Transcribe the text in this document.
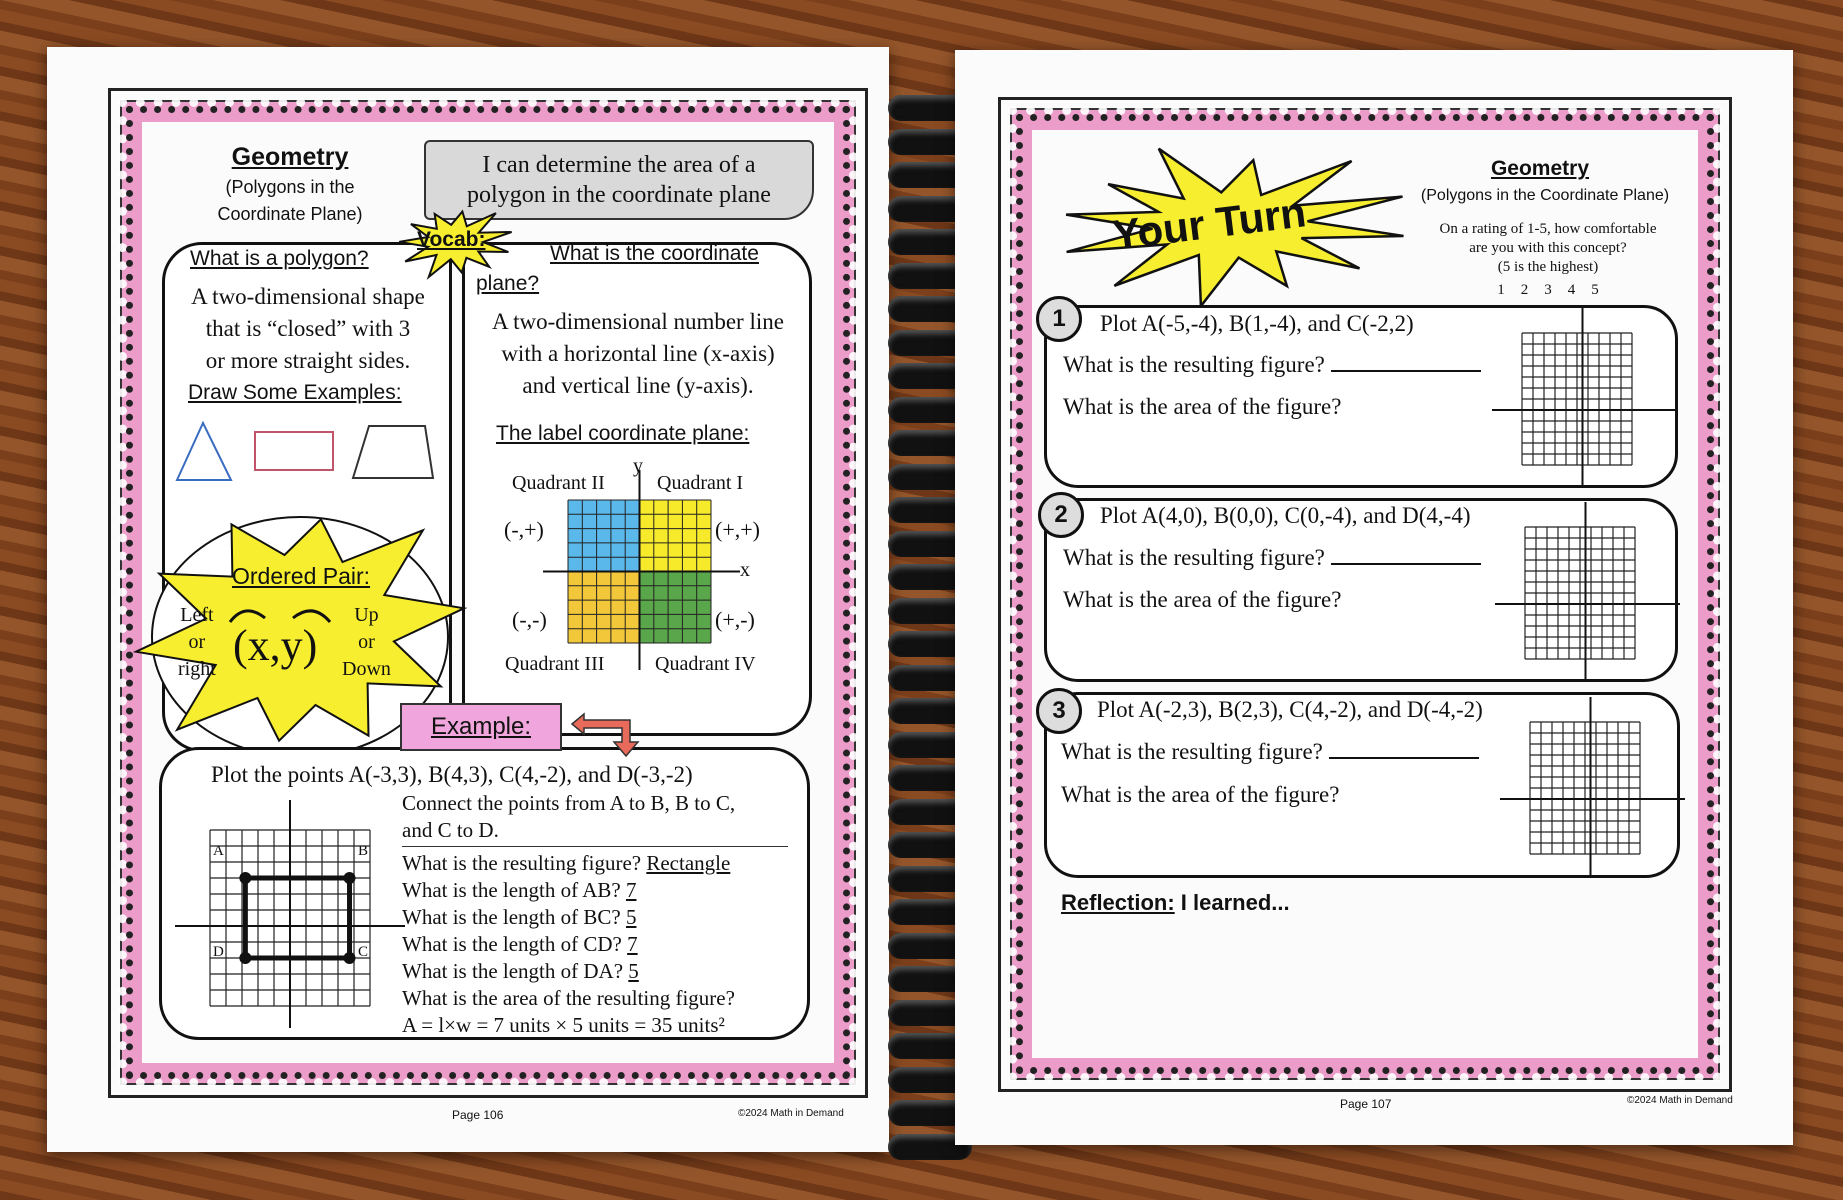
Geometry
(Polygons in the
Coordinate Plane)
I can determine the area of a
polygon in the coordinate plane
Vocab:
What is a polygon?
A two-dimensional shape
that is “closed” with 3
or more straight sides.
Draw Some Examples:
What is the coordinate
plane?
A two-dimensional number line
with a horizontal line (x-axis)
and vertical line (y-axis).
The label coordinate plane:
y
Quadrant II	Quadrant I
(-,+)	(+,+)
(-,-)	(+,-)
x
Quadrant III	Quadrant IV
Ordered Pair:
Left
or
right (x,y)
Up
or
Down
Example:
Plot the points A(-3,3), B(4,3), C(4,-2), and D(-3,-2)
Connect the points from A to B, B to C,
and C to D.
What is the resulting figure? Rectangle
What is the length of AB? 7
What is the length of BC? 5
What is the length of CD? 7
What is the length of DA? 5
What is the area of the resulting figure?
A = l×w = 7 units × 5 units = 35 units²
A	B
D	C
Page 106	©2024 Math in Demand
Your Turn
Geometry
(Polygons in the Coordinate Plane)
On a rating of 1-5, how comfortable
are you with this concept?
(5 is the highest)
1 2 3 4 5
1	Plot A(-5,-4), B(1,-4), and C(-2,2)
What is the resulting figure?
What is the area of the figure?
2	Plot A(4,0), B(0,0), C(0,-4), and D(4,-4)
What is the resulting figure?
What is the area of the figure?
3	Plot A(-2,3), B(2,3), C(4,-2), and D(-4,-2)
What is the resulting figure?
What is the area of the figure?
Reflection: I learned...
Page 107	©2024 Math in Demand
